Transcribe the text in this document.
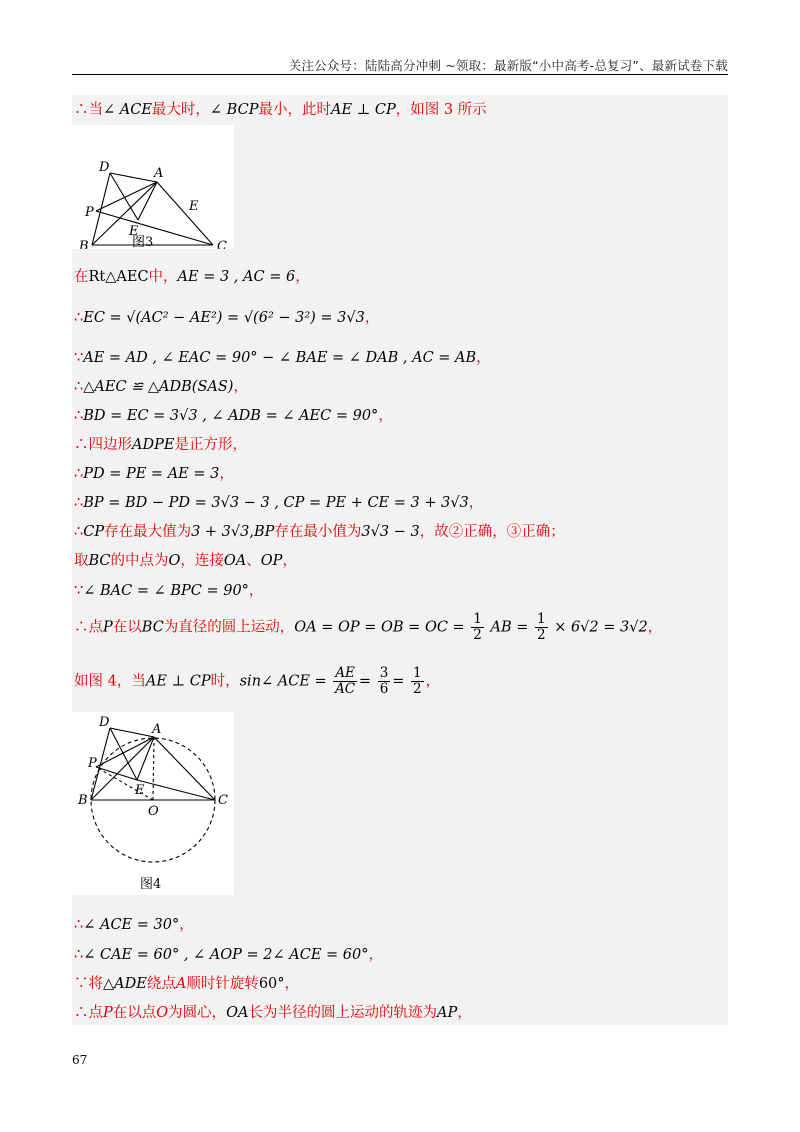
关注公众号：陆陆高分冲刺 ~领取：最新版“小中高考-总复习”、最新试卷下载
∴当∠ ACE最大时，∠ BCP最小，此时AE ⊥ CP，如图 3 所示
D	A
P	E
E
B	C
图3
在Rt△AEC中，AE = 3 , AC = 6，
∴EC = √(AC² − AE²) = √(6² − 3²) = 3√3，
∵AE = AD , ∠ EAC = 90° − ∠ BAE = ∠ DAB , AC = AB，
∴△AEC ≌ △ADB(SAS)，
∴BD = EC = 3√3 , ∠ ADB = ∠ AEC = 90°，
∴四边形ADPE是正方形，
∴PD = PE = AE = 3，
∴BP = BD − PD = 3√3 − 3 , CP = PE + CE = 3 + 3√3，
∴CP存在最大值为3 + 3√3,BP存在最小值为3√3 − 3，故②正确，③正确；
取BC的中点为O，连接OA、OP，
∵∠ BAC = ∠ BPC = 90°，
∴点P在以BC为直径的圆上运动，OA = OP = OB = OC = $\frac{1}{2}$ AB = $\frac{1}{2} \times 6√2 = 3√2$，
如图 4，当AE ⊥ CP时，sin∠ ACE = $\frac{AE}{AC} = \frac{3}{6} = \frac{1}{2}$ ，
D	A
P
E
B
O
C
图4
∴∠ ACE = 30°，
∴∠ CAE = 60° , ∠ AOP = 2∠ ACE = 60°，
∵将△ADE绕点A顺时针旋转60°，
∴点P在以点O为圆心，OA长为半径的圆上运动的轨迹为AP，
67
